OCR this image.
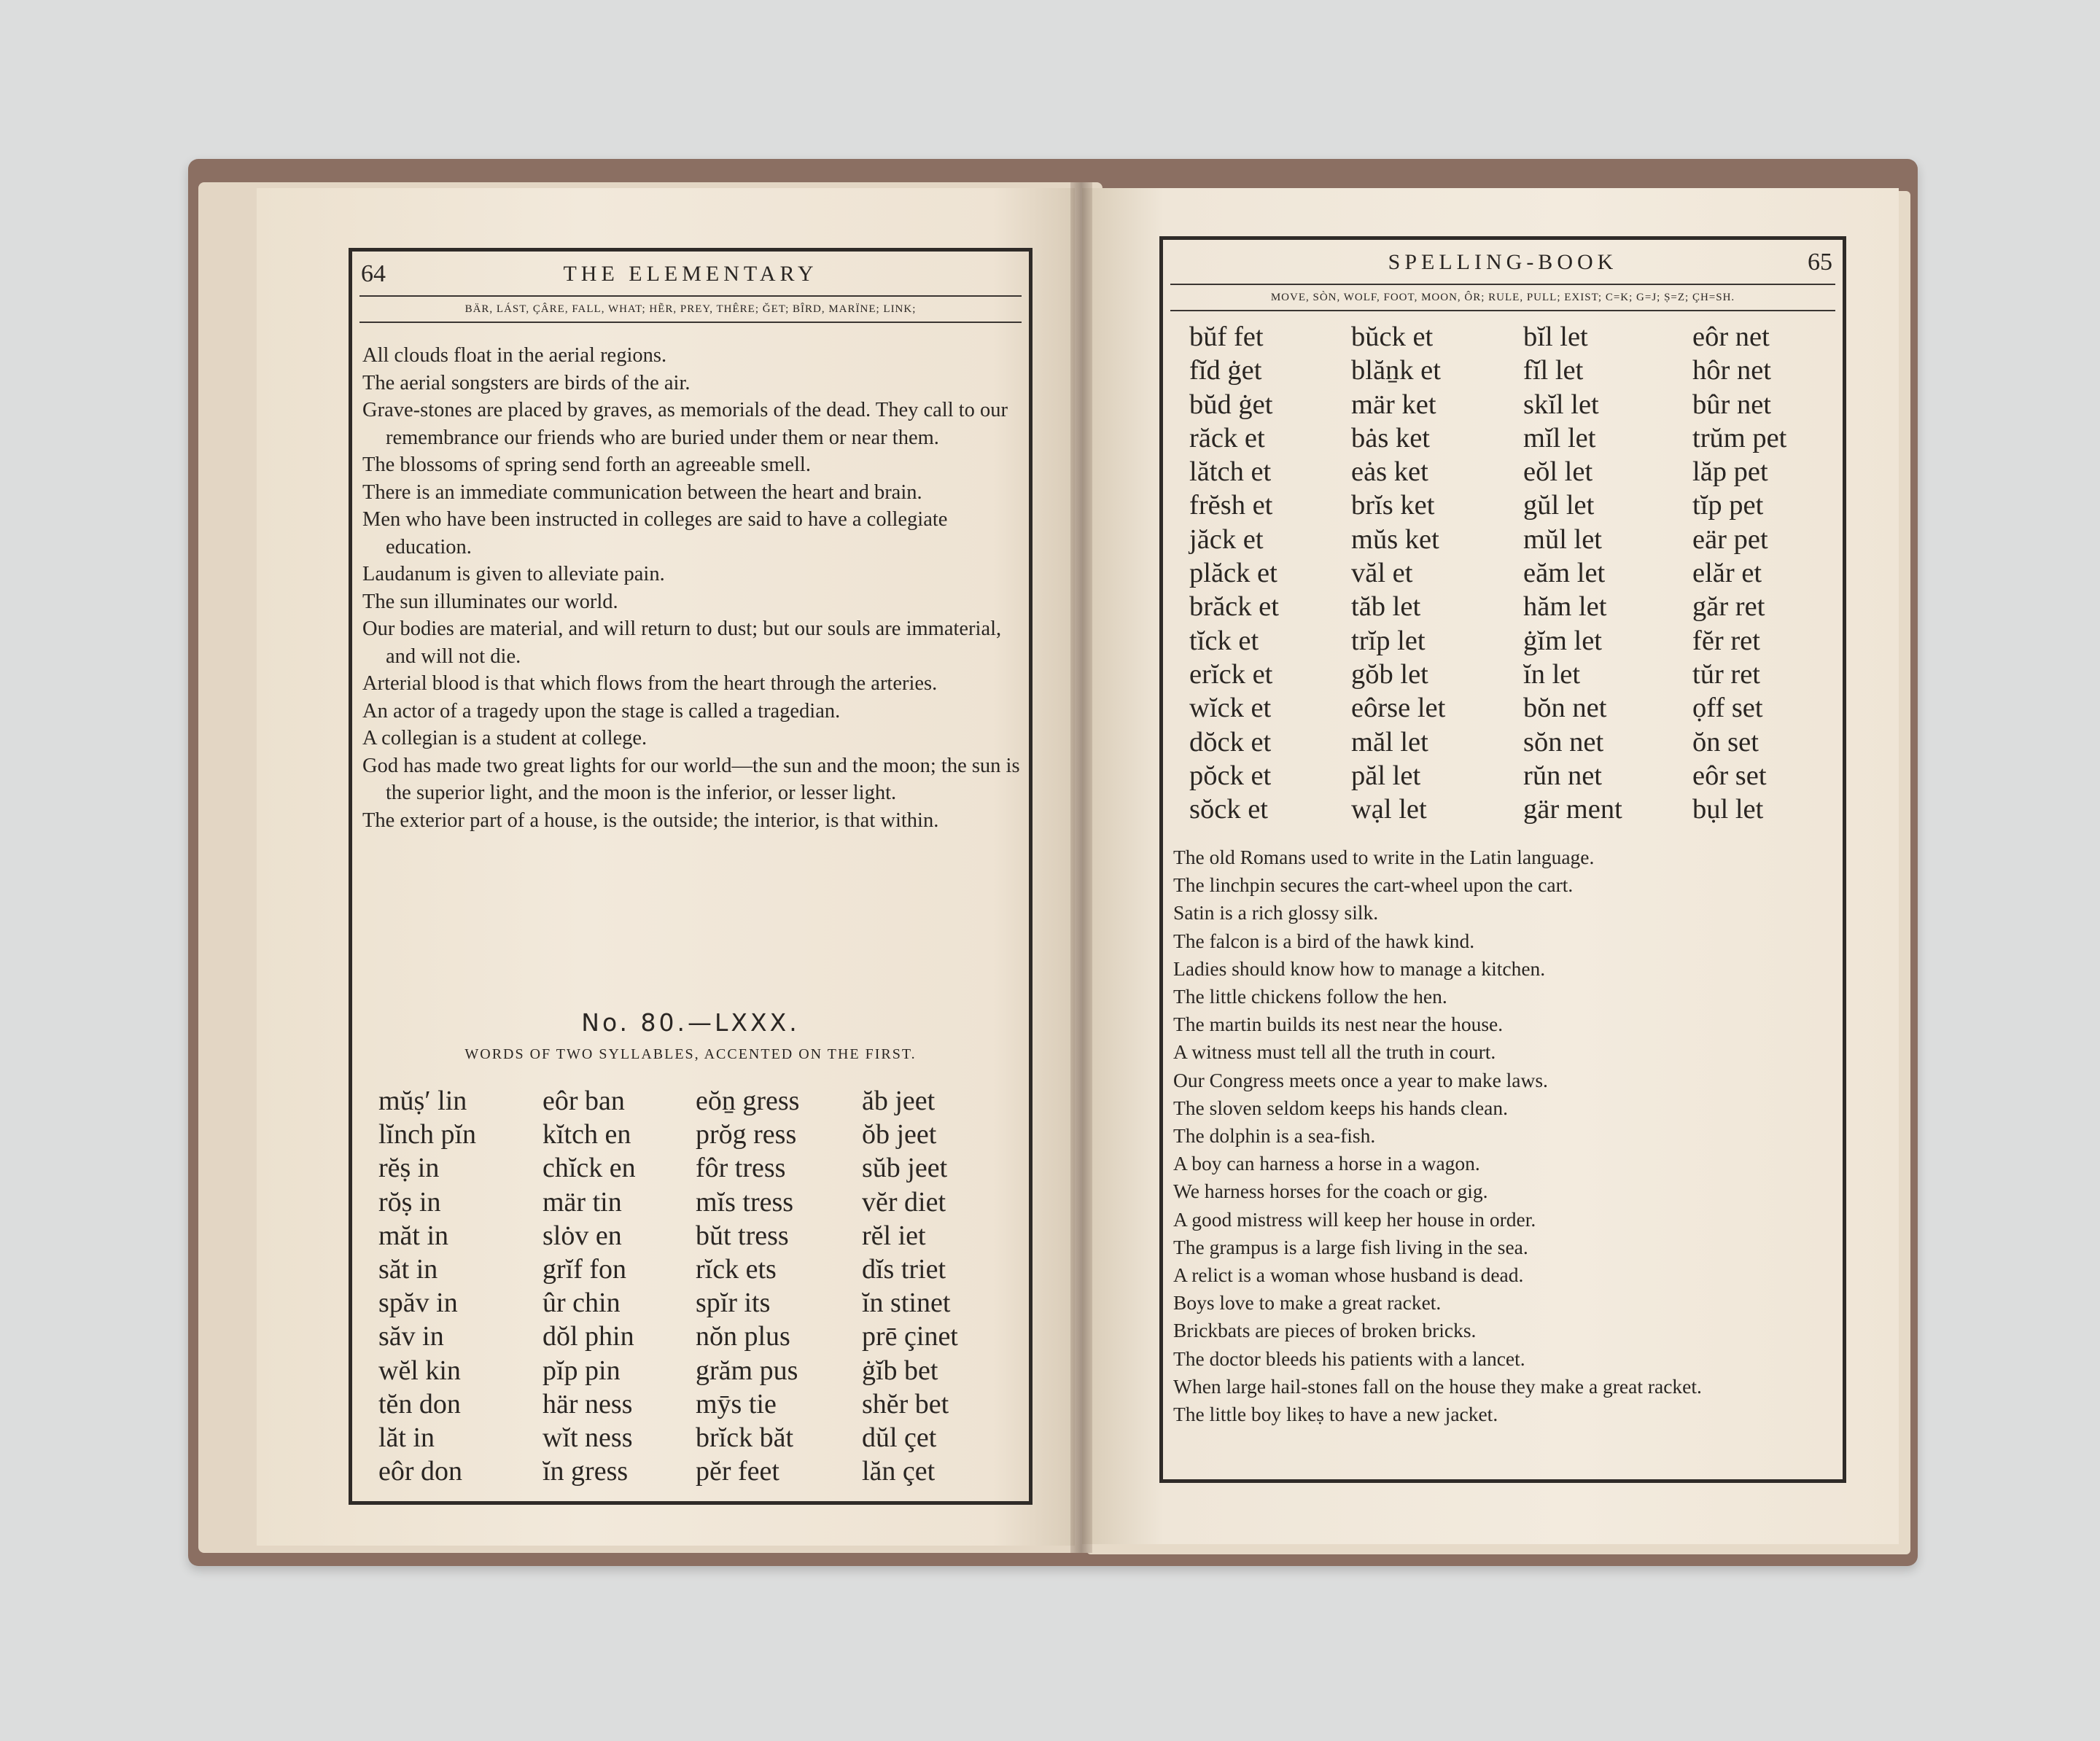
64	THE ELEMENTARY
BÄR, LÁST, ÇÂRE, FALL, WHAT; HẼR, PREY, THÊRE; ĞET; BÎRD, MARÏNE; LINK;

All clouds float in the aerial regions.

The aerial songsters are birds of the air.

Grave-stones are placed by graves, as memorials of the dead. They call to our remembrance our friends who are buried under them or near them.

The blossoms of spring send forth an agreeable smell.

There is an immediate communication between the heart and brain.

Men who have been instructed in colleges are said to have a collegiate education.

Laudanum is given to alleviate pain.

The sun illuminates our world.

Our bodies are material, and will return to dust; but our souls are immaterial, and will not die.

Arterial blood is that which flows from the heart through the arteries.

An actor of a tragedy upon the stage is called a tragedian.

A collegian is a student at college.

God has made two great lights for our world—the sun and the moon; the sun is the superior light, and the moon is the inferior, or lesser light.

The exterior part of a house, is the outside; the interior, is that within.

No. 80.—LXXX.
WORDS OF TWO SYLLABLES, ACCENTED ON THE FIRST.
mŭṣ′ lin	eôr ban	eŏṉ gress	ăb jeet
lĭnch pĭn	kĭtch en	prŏg ress	ŏb jeet
rĕṣ in	chĭck en	fôr tress	sŭb jeet
rŏṣ in	mär tin	mĭs tress	vĕr diet
măt in	slȯv en	bŭt tress	rĕl iet
săt in	grĭf fon	rĭck ets	dĭs triet
spăv in	ûr chin	spĭr its	ĭn stinet
săv in	dŏl phin	nŏn plus	prē çinet
wĕl kin	pĭp pin	grăm pus	ġĭb bet
tĕn don	här ness	mȳs tie	shĕr bet
lăt in	wĭt ness	brĭck băt	dŭl çet
eôr don	ĭn gress	pĕr feet	lăn çet
SPELLING-BOOK	65
MOVE, SÒN, WOLF, FOOT, MOON, ÔR; RULE, PULL; EXIST; C=K; G=J; Ṣ=Z; ÇH=SH.
bŭf fet	bŭck et	bĭl let	eôr net
fĭd ġet	blăṉk et	fĭl let	hôr net
bŭd ġet	mär ket	skĭl let	bûr net
răck et	bȧs ket	mĭl let	trŭm pet
lătch et	eȧs ket	eŏl let	lăp pet
frĕsh et	brĭs ket	gŭl let	tĭp pet
jăck et	mŭs ket	mŭl let	eär pet
plăck et	văl et	eăm let	elăr et
brăck et	tăb let	hăm let	găr ret
tĭck et	trĭp let	ġĭm let	fĕr ret
erĭck et	gŏb let	ĭn let	tŭr ret
wĭck et	eôrse let	bŏn net	ọff set
dŏck et	măl let	sŏn net	ŏn set
pŏck et	păl let	rŭn net	eôr set
sŏck et	wạl let	gär ment	bụl let

The old Romans used to write in the Latin language.

The linchpin secures the cart-wheel upon the cart.

Satin is a rich glossy silk.

The falcon is a bird of the hawk kind.

Ladies should know how to manage a kitchen.

The little chickens follow the hen.

The martin builds its nest near the house.

A witness must tell all the truth in court.

Our Congress meets once a year to make laws.

The sloven seldom keeps his hands clean.

The dolphin is a sea-fish.

A boy can harness a horse in a wagon.

We harness horses for the coach or gig.

A good mistress will keep her house in order.

The grampus is a large fish living in the sea.

A relict is a woman whose husband is dead.

Boys love to make a great racket.

Brickbats are pieces of broken bricks.

The doctor bleeds his patients with a lancet.

When large hail-stones fall on the house they make a great racket.

The little boy likeṣ to have a new jacket.
